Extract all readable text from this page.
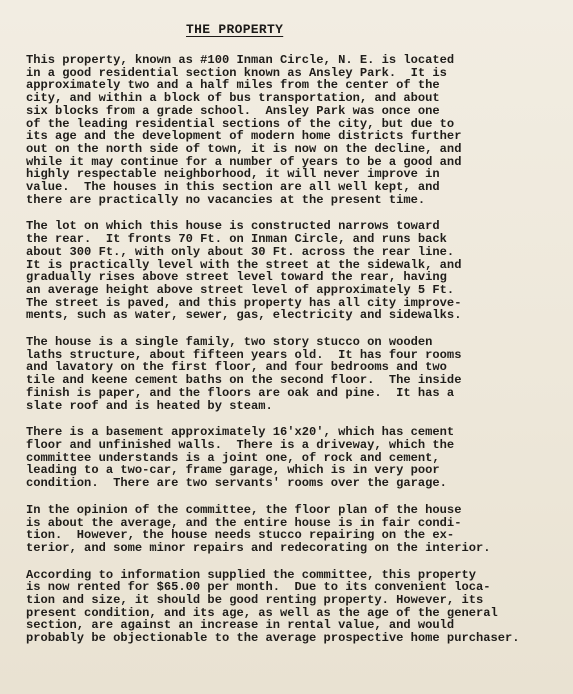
THE PROPERTY

This property, known as #100 Inman Circle, N. E. is located
in a good residential section known as Ansley Park.  It is
approximately two and a half miles from the center of the
city, and within a block of bus transportation, and about
six blocks from a grade school.  Ansley Park was once one
of the leading residential sections of the city, but due to
its age and the development of modern home districts further
out on the north side of town, it is now on the decline, and
while it may continue for a number of years to be a good and
highly respectable neighborhood, it will never improve in
value.  The houses in this section are all well kept, and
there are practically no vacancies at the present time.

The lot on which this house is constructed narrows toward
the rear.  It fronts 70 Ft. on Inman Circle, and runs back
about 300 Ft., with only about 30 Ft. across the rear line.
It is practically level with the street at the sidewalk, and
gradually rises above street level toward the rear, having
an average height above street level of approximately 5 Ft.
The street is paved, and this property has all city improve-
ments, such as water, sewer, gas, electricity and sidewalks.

The house is a single family, two story stucco on wooden
laths structure, about fifteen years old.  It has four rooms
and lavatory on the first floor, and four bedrooms and two
tile and keene cement baths on the second floor.  The inside
finish is paper, and the floors are oak and pine.  It has a
slate roof and is heated by steam.

There is a basement approximately 16'x20', which has cement
floor and unfinished walls.  There is a driveway, which the
committee understands is a joint one, of rock and cement,
leading to a two-car, frame garage, which is in very poor
condition.  There are two servants' rooms over the garage.

In the opinion of the committee, the floor plan of the house
is about the average, and the entire house is in fair condi-
tion.  However, the house needs stucco repairing on the ex-
terior, and some minor repairs and redecorating on the interior.

According to information supplied the committee, this property
is now rented for $65.00 per month.  Due to its convenient loca-
tion and size, it should be good renting property. However, its
present condition, and its age, as well as the age of the general
section, are against an increase in rental value, and would
probably be objectionable to the average prospective home purchaser.
